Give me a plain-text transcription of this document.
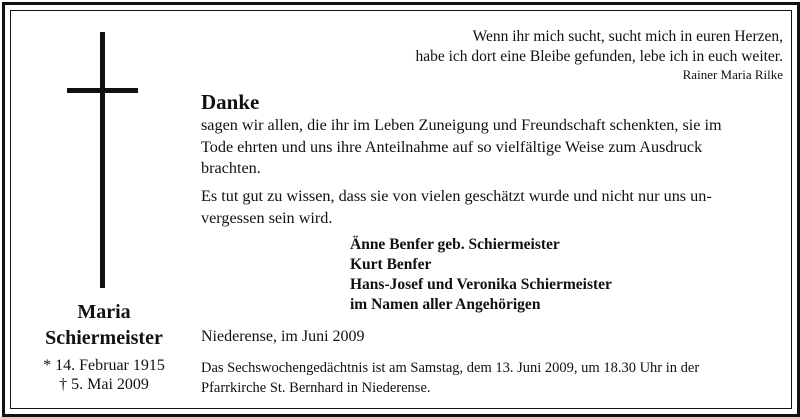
Wenn ihr mich sucht, sucht mich in euren Herzen,
habe ich dort eine Bleibe gefunden, lebe ich in euch weiter.
Rainer Maria Rilke
Danke
sagen wir allen, die ihr im Leben Zuneigung und Freundschaft schenkten, sie im
Tode ehrten und uns ihre Anteilnahme auf so vielfältige Weise zum Ausdruck
brachten.
Es tut gut zu wissen, dass sie von vielen geschätzt wurde und nicht nur uns un-
vergessen sein wird.
Änne Benfer geb. Schiermeister
Kurt Benfer
Hans-Josef und Veronika Schiermeister
im Namen aller Angehörigen
Maria
Schiermeister
* 14. Februar 1915
† 5. Mai 2009
Niederense, im Juni 2009
Das Sechswochengedächtnis ist am Samstag, dem 13. Juni 2009, um 18.30 Uhr in der
Pfarrkirche St. Bernhard in Niederense.
